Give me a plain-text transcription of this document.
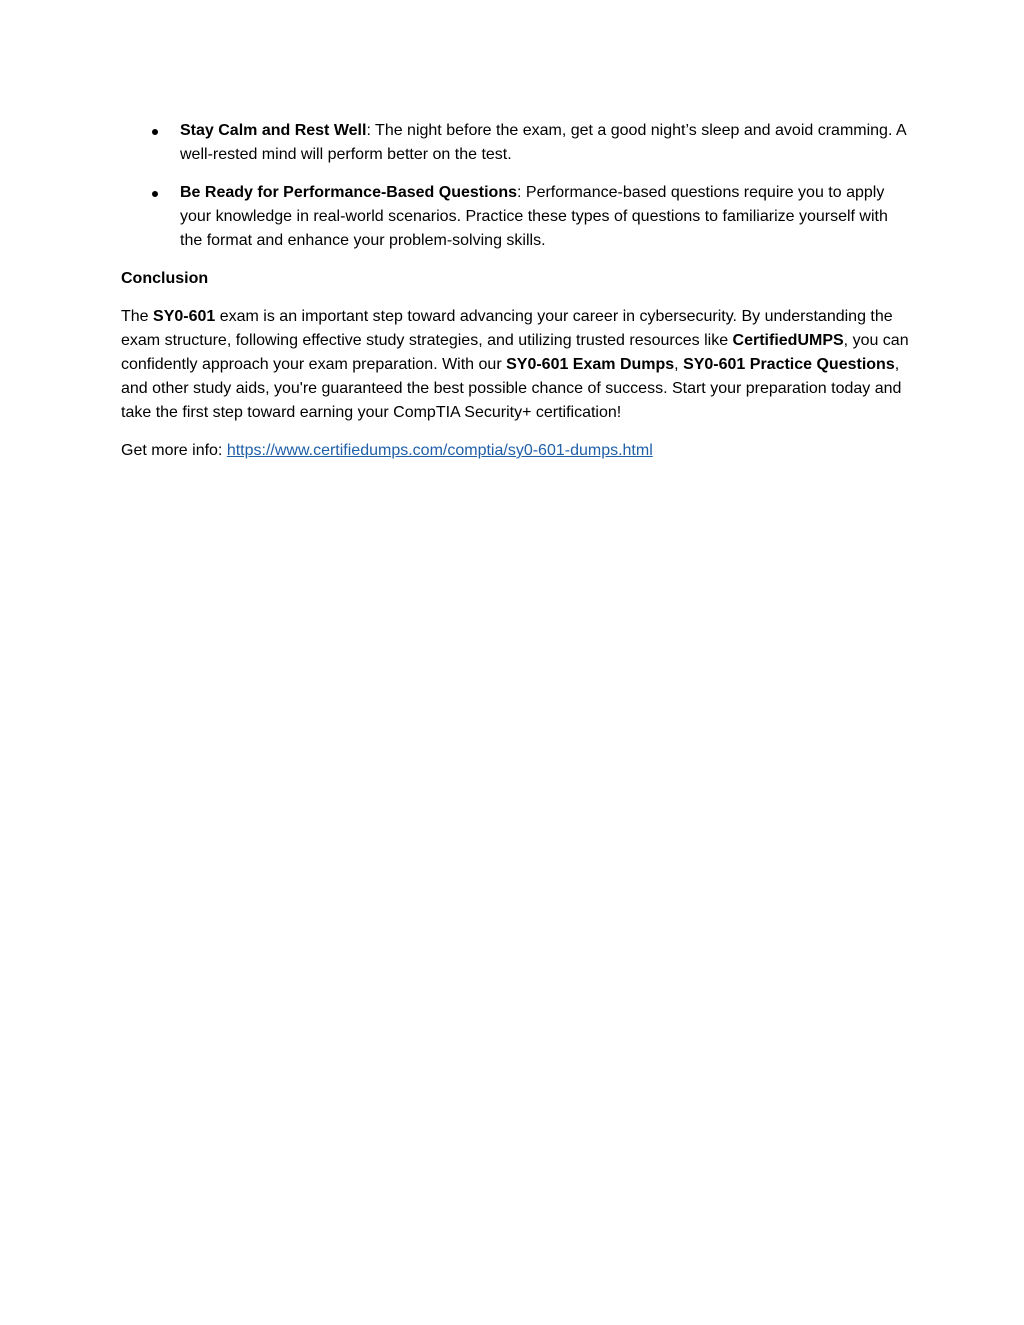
Stay Calm and Rest Well: The night before the exam, get a good night’s sleep and avoid cramming. A well-rested mind will perform better on the test.
Be Ready for Performance-Based Questions: Performance-based questions require you to apply your knowledge in real-world scenarios. Practice these types of questions to familiarize yourself with the format and enhance your problem-solving skills.
Conclusion

The SY0-601 exam is an important step toward advancing your career in cybersecurity. By understanding the exam structure, following effective study strategies, and utilizing trusted resources like CertifiedUMPS, you can confidently approach your exam preparation. With our SY0-601 Exam Dumps, SY0-601 Practice Questions, and other study aids, you're guaranteed the best possible chance of success. Start your preparation today and take the first step toward earning your CompTIA Security+ certification!

Get more info: https://www.certifiedumps.com/comptia/sy0-601-dumps.html
